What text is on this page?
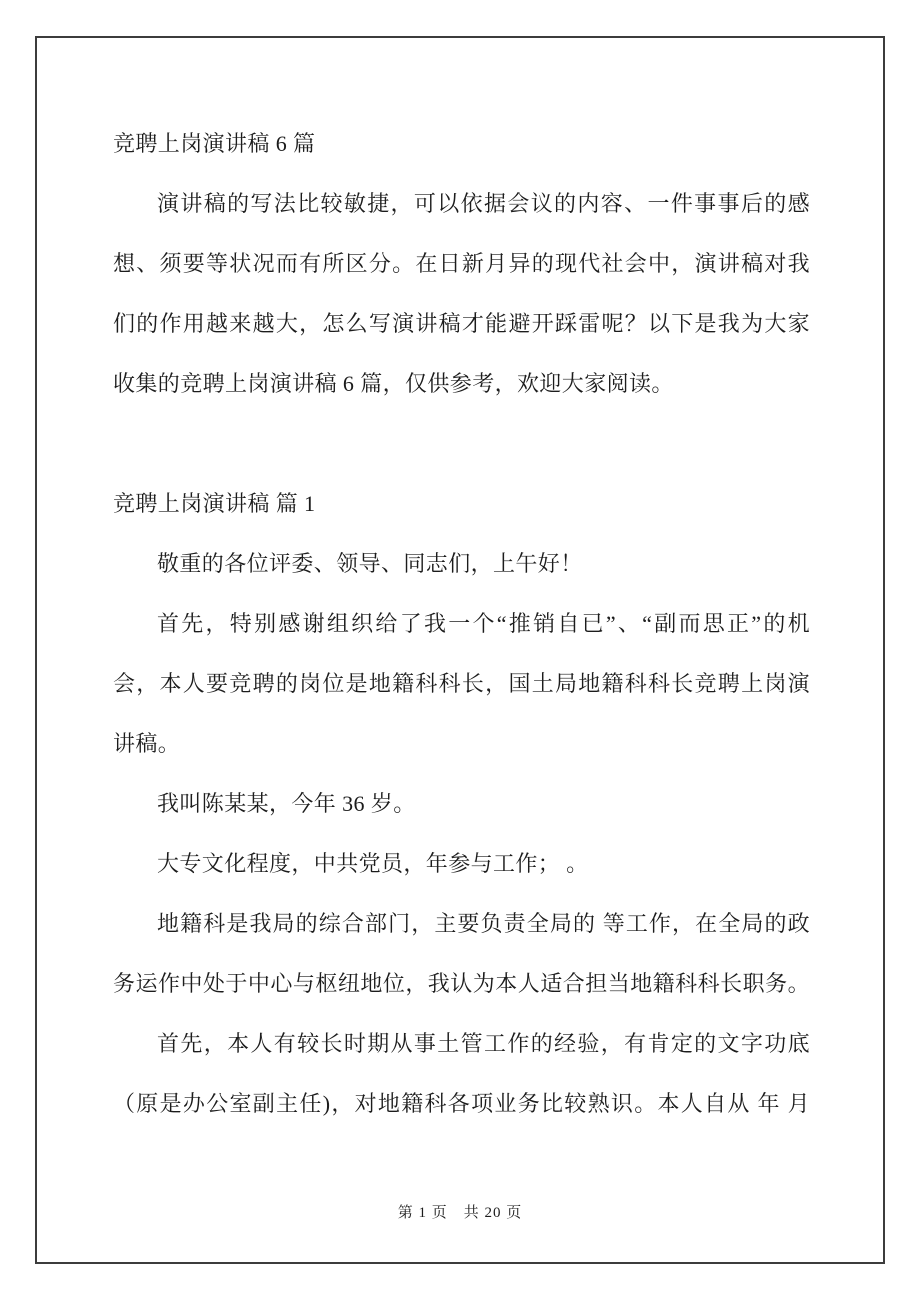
竞聘上岗演讲稿 6 篇
演讲稿的写法比较敏捷，可以依据会议的内容、一件事事后的感
想、须要等状况而有所区分。在日新月异的现代社会中，演讲稿对我
们的作用越来越大，怎么写演讲稿才能避开踩雷呢？以下是我为大家
收集的竞聘上岗演讲稿 6 篇，仅供参考，欢迎大家阅读。
竞聘上岗演讲稿 篇 1
敬重的各位评委、领导、同志们，上午好！
首先，特别感谢组织给了我一个“推销自已”、“副而思正”的机
会，本人要竞聘的岗位是地籍科科长，国土局地籍科科长竞聘上岗演
讲稿。
我叫陈某某，今年 36 岁。
大专文化程度，中共党员，年参与工作； 。
地籍科是我局的综合部门，主要负责全局的 等工作，在全局的政
务运作中处于中心与枢纽地位，我认为本人适合担当地籍科科长职务。
首先，本人有较长时期从事土管工作的经验，有肯定的文字功底
（原是办公室副主任)，对地籍科各项业务比较熟识。本人自从 年 月
第 1 页 共 20 页
